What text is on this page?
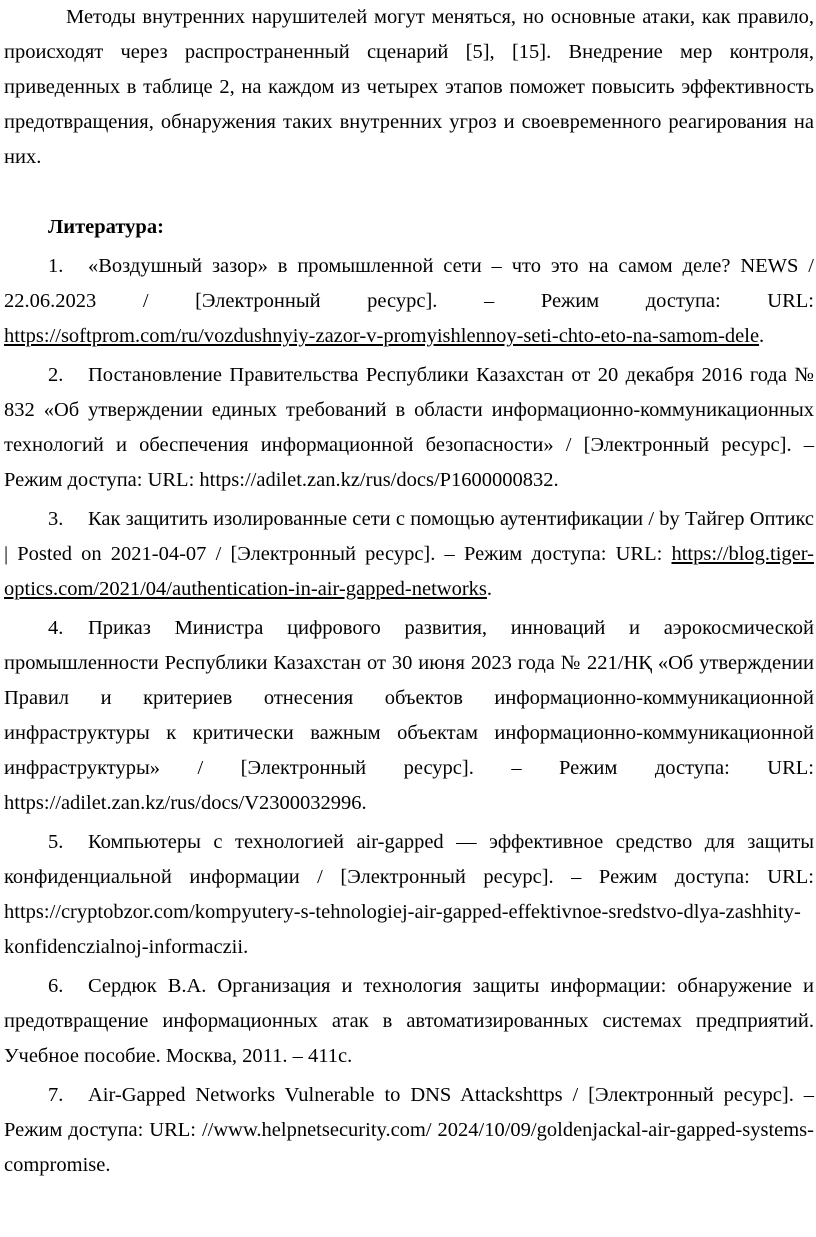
Методы внутренних нарушителей могут меняться, но основные атаки, как правило, происходят через распространенный сценарий [5], [15]. Внедрение мер контроля, приведенных в таблице 2, на каждом из четырех этапов поможет повысить эффективность предотвращения, обнаружения таких внутренних угроз и своевременного реагирования на них.

Литература:

1. «Воздушный зазор» в промышленной сети – что это на самом деле? NEWS / 22.06.2023 / [Электронный ресурс]. – Режим доступа: URL: https://softprom.com/ru/vozdushnyiy-zazor-v-promyishlennoy-seti-chto-eto-na-samom-dele.

2. Постановление Правительства Республики Казахстан от 20 декабря 2016 года № 832 «Об утверждении единых требований в области информационно-коммуникационных технологий и обеспечения информационной безопасности» / [Электронный ресурс]. – Режим доступа: URL: https://adilet.zan.kz/rus/docs/P1600000832.

3. Как защитить изолированные сети с помощью аутентификации / by Тайгер Оптикс | Posted on 2021-04-07 / [Электронный ресурс]. – Режим доступа: URL: https://blog.tiger-optics.com/2021/04/authentication-in-air-gapped-networks.

4. Приказ Министра цифрового развития, инноваций и аэрокосмической промышленности Республики Казахстан от 30 июня 2023 года № 221/НҚ «Об утверждении Правил и критериев отнесения объектов информационно-коммуникационной инфраструктуры к критически важным объектам информационно-коммуникационной инфраструктуры» / [Электронный ресурс]. – Режим доступа: URL: https://adilet.zan.kz/rus/docs/V2300032996.

5. Компьютеры с технологией air-gapped — эффективное средство для защиты конфиденциальной информации / [Электронный ресурс]. – Режим доступа: URL: https://cryptobzor.com/kompyutery-s-tehnologiej-air-gapped-effektivnoe-sredstvo-dlya-zashhity-konfidenczialnoj-informaczii.

6. Сердюк В.А. Организация и технология защиты информации: обнаружение и предотвращение информационных атак в автоматизированных системах предприятий. Учебное пособие. Москва, 2011. – 411с.

7. Air-Gapped Networks Vulnerable to DNS Attackshttps / [Электронный ресурс]. – Режим доступа: URL: //www.helpnetsecurity.com/ 2024/10/09/goldenjackal-air-gapped-systems-compromise.
